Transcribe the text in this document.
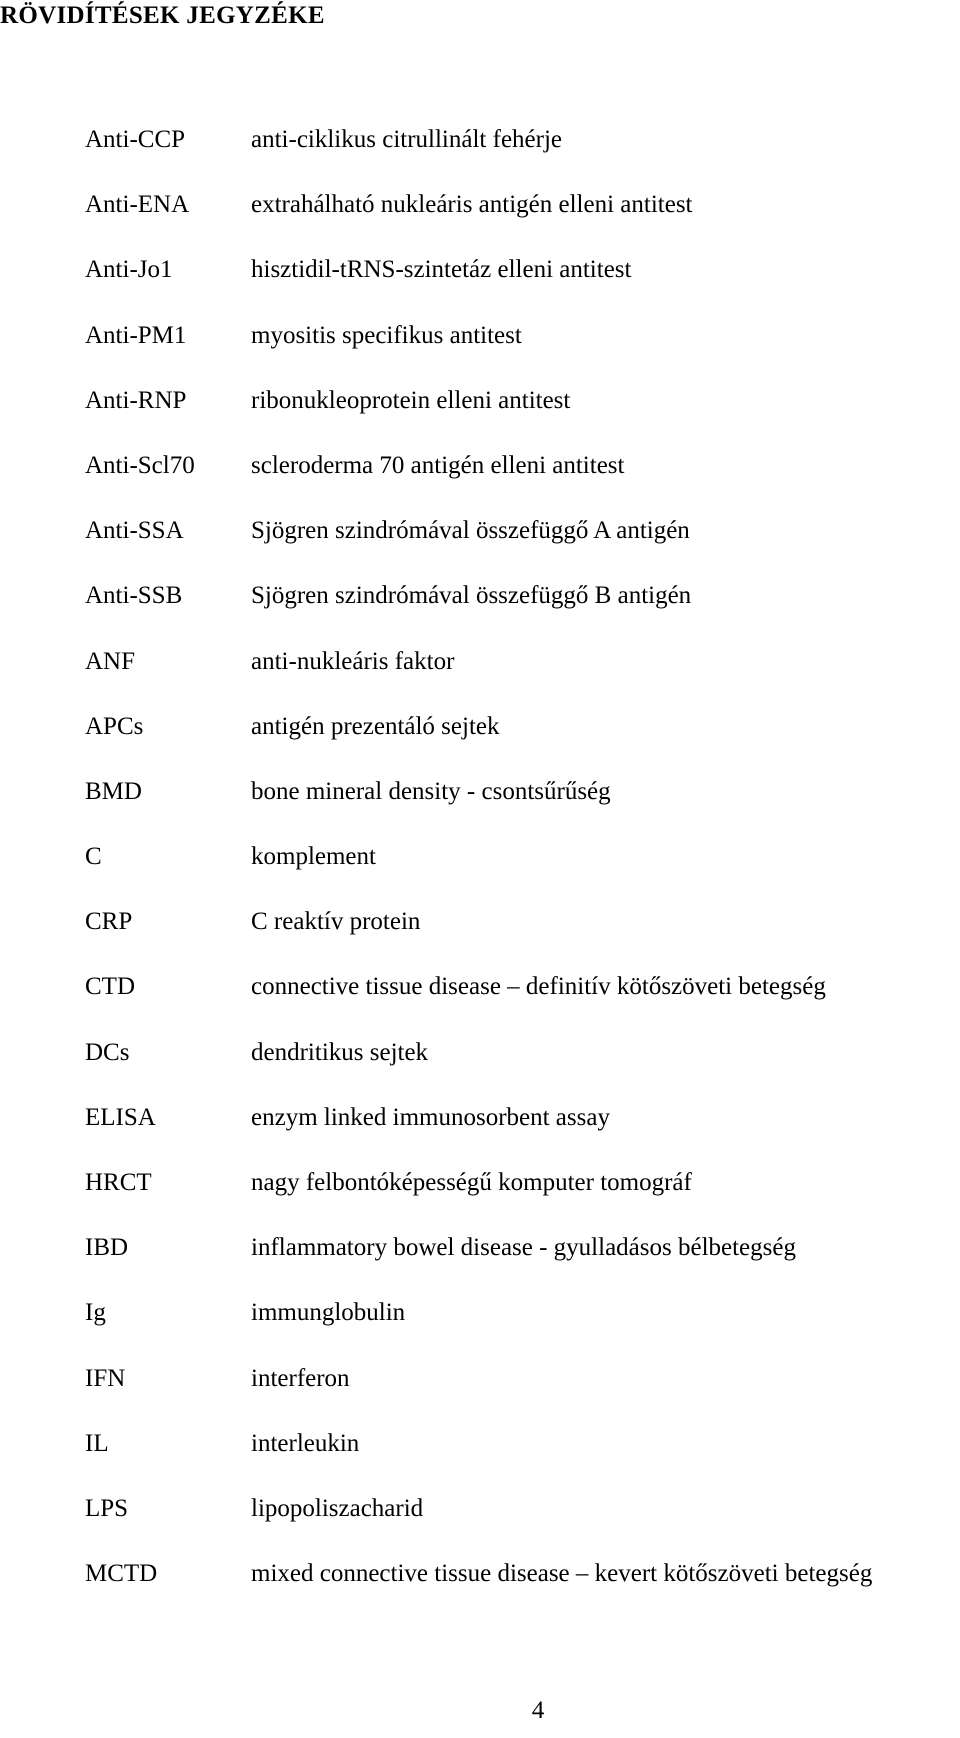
RÖVIDÍTÉSEK JEGYZÉKE
Anti-CCP	anti-ciklikus citrullinált fehérje
Anti-ENA extrahálható nukleáris antigén elleni antitest
Anti-Jo1	hisztidil-tRNS-szintetáz elleni antitest
Anti-PM1	myositis specifikus antitest
Anti-RNP	ribonukleoprotein elleni antitest
Anti-Scl70 scleroderma 70 antigén elleni antitest
Anti-SSA	Sjögren szindrómával összefüggő A antigén
Anti-SSB	Sjögren szindrómával összefüggő B antigén
ANF	anti-nukleáris faktor
APCs	antigén prezentáló sejtek
BMD	bone mineral density - csontsűrűség
C	komplement
CRP	C reaktív protein
CTD	connective tissue disease – definitív kötőszöveti betegség
DCs	dendritikus sejtek
ELISA	enzym linked immunosorbent assay
HRCT	nagy felbontóképességű komputer tomográf
IBD	inflammatory bowel disease - gyulladásos bélbetegség
Ig	immunglobulin
IFN	interferon
IL	interleukin
LPS	lipopoliszacharid
MCTD	mixed connective tissue disease – kevert kötőszöveti betegség
4
